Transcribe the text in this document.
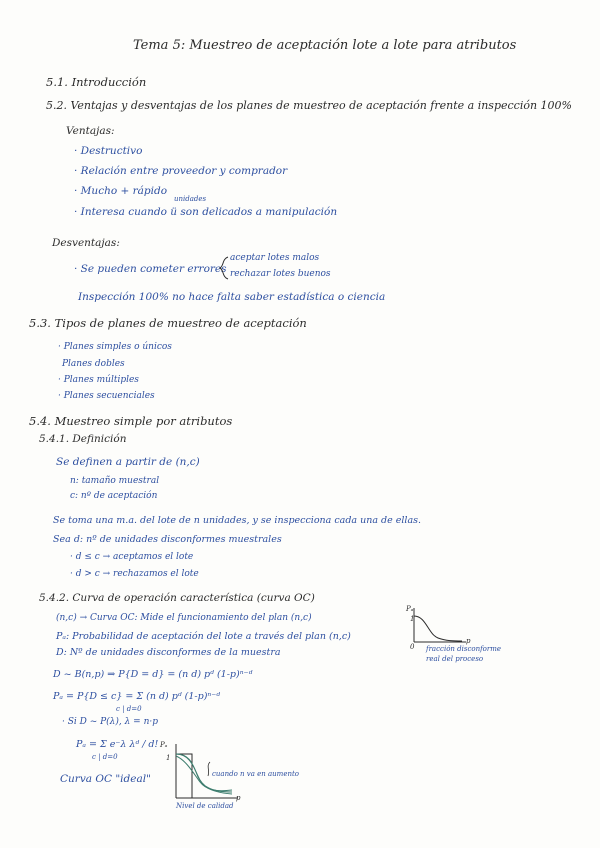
Tema 5: Muestreo de aceptación lote a lote para atributos
5.1. Introducción
5.2. Ventajas y desventajas de los planes de muestreo de aceptación frente a inspección 100%
Ventajas:
· Destructivo
· Relación entre proveedor y comprador
· Mucho + rápido
unidades
· Interesa cuando ü son delicados a manipulación
Desventajas:
· Se pueden cometer errores
aceptar lotes malos
rechazar lotes buenos
Inspección 100% no hace falta saber estadística o ciencia
5.3. Tipos de planes de muestreo de aceptación
· Planes simples o únicos
Planes dobles
· Planes múltiples
· Planes secuenciales
5.4. Muestreo simple por atributos
5.4.1. Definición
Se definen a partir de (n,c)
n: tamaño muestral
c: nº de aceptación
Se toma una m.a. del lote de n unidades, y se inspecciona cada una de ellas.
Sea d: nº de unidades disconformes muestrales
· d ≤ c → aceptamos el lote
· d > c → rechazamos el lote
5.4.2. Curva de operación característica (curva OC)
(n,c) → Curva OC: Mide el funcionamiento del plan (n,c)
Pₐ: Probabilidad de aceptación del lote a través del plan (n,c)
D: Nº de unidades disconformes de la muestra
D ~ B(n,p) ⇒ P{D = d} = (n d) pᵈ (1-p)ⁿ⁻ᵈ
Pₐ = P{D ≤ c} = Σ (n d) pᵈ (1-p)ⁿ⁻ᵈ
c | d=0
· Si D ~ P(λ), λ = n·p
Pₐ = Σ e⁻λ λᵈ / d!
c | d=0
Curva OC "ideal"
Pₐ
1
0
p
fracción disconforme
real del proceso
Pₐ
1
p
cuando n va en aumento
Nivel de calidad
